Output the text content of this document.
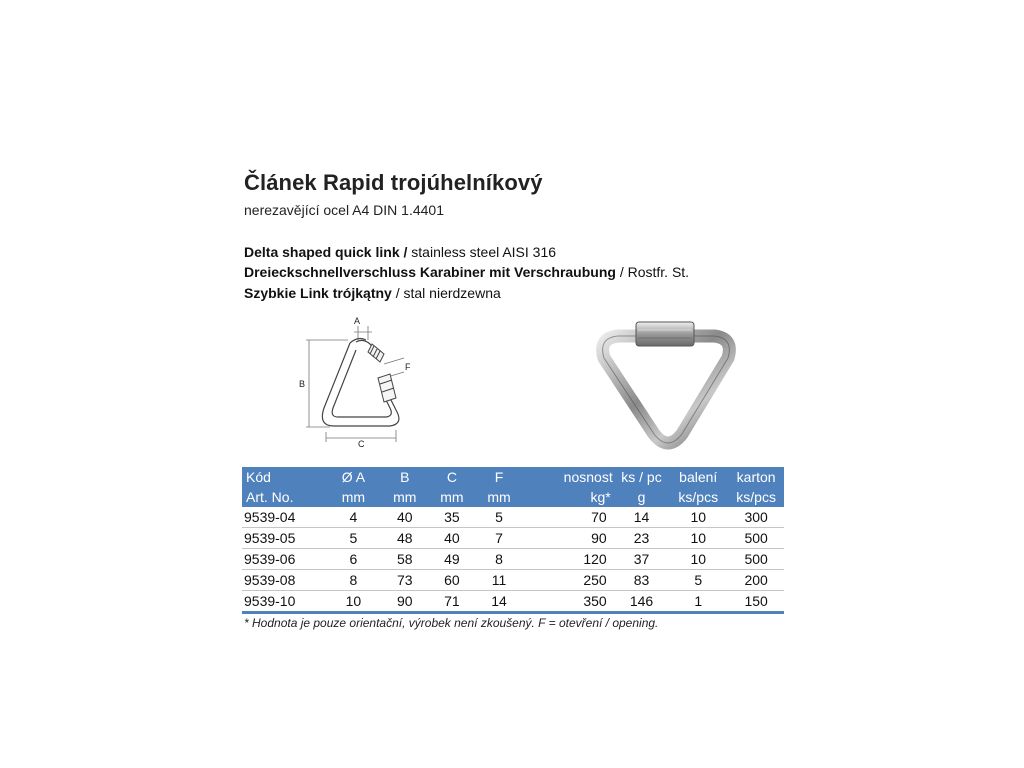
Článek Rapid trojúhelníkový
nerezavějící ocel A4 DIN 1.4401
Delta shaped quick link / stainless steel AISI 316
Dreieckschnellverschluss Karabiner mit Verschraubung / Rostfr. St.
Szybkie Link trójkątny / stal nierdzewna
A
B
C
F
Kód	Ø A	B	C	F	nosnost	ks / pc	balení	karton
Art. No.	mm	mm	mm	mm	kg*	g	ks/pcs	ks/pcs
9539-04	4	40	35	5	70	14	10	300
9539-05	5	48	40	7	90	23	10	500
9539-06	6	58	49	8	120	37	10	500
9539-08	8	73	60	11	250	83	5	200
9539-10	10	90	71	14	350	146	1	150
* Hodnota je pouze orientační, výrobek není zkoušený. F = otevření / opening.
